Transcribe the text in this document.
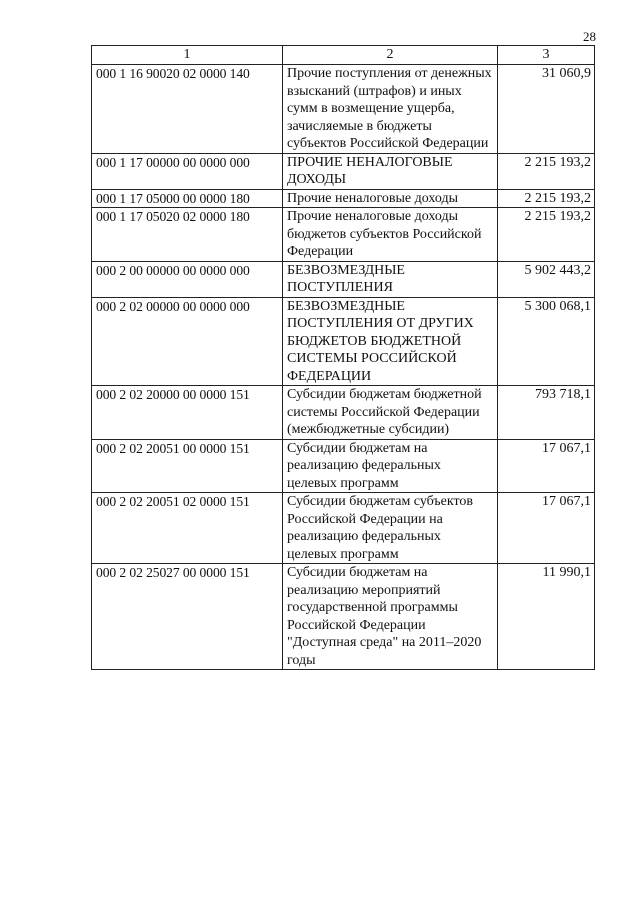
28
1	2	3
000 1 16 90020 02 0000 140	Прочие поступления от денежных взысканий (штрафов) и иных сумм в возмещение ущерба, зачисляемые в бюджеты субъектов Российской Федерации	31 060,9
000 1 17 00000 00 0000 000	ПРОЧИЕ НЕНАЛОГОВЫЕ ДОХОДЫ	2 215 193,2
000 1 17 05000 00 0000 180	Прочие неналоговые доходы	2 215 193,2
000 1 17 05020 02 0000 180	Прочие неналоговые доходы бюджетов субъектов Российской Федерации	2 215 193,2
000 2 00 00000 00 0000 000	БЕЗВОЗМЕЗДНЫЕ ПОСТУПЛЕНИЯ	5 902 443,2
000 2 02 00000 00 0000 000	БЕЗВОЗМЕЗДНЫЕ ПОСТУПЛЕНИЯ ОТ ДРУГИХ БЮДЖЕТОВ БЮДЖЕТНОЙ СИСТЕМЫ РОССИЙСКОЙ ФЕДЕРАЦИИ	5 300 068,1
000 2 02 20000 00 0000 151	Субсидии бюджетам бюджетной системы Российской Федерации (межбюджетные субсидии)	793 718,1
000 2 02 20051 00 0000 151	Субсидии бюджетам на реализацию федеральных целевых программ	17 067,1
000 2 02 20051 02 0000 151	Субсидии бюджетам субъектов Российской Федерации на реализацию федеральных целевых программ	17 067,1
000 2 02 25027 00 0000 151	Субсидии бюджетам на реализацию мероприятий государственной программы Российской Федерации "Доступная среда" на 2011–2020 годы	11 990,1
